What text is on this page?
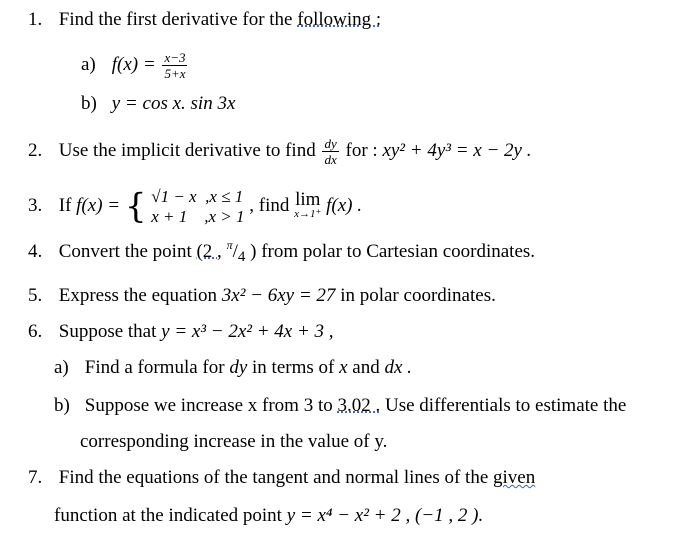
1. Find the first derivative for the following :
a) $f(x) = \frac{x-3}{5+x}$
b) y = cos x. sin 3x
2. Use the implicit derivative to find $\frac{dy}{dx}$ for : xy² + 4y³ = x − 2y .
3. If f(x) = { √1 − x ,x ≤ 1
x + 1 ,x > 1
, find lim
x→1⁺ f(x) .
4. Convert the point (2 , $^\pi/_4$ ) from polar to Cartesian coordinates.
5. Express the equation 3x² − 6xy = 27 in polar coordinates.
6. Suppose that y = x³ − 2x² + 4x + 3 ,
a) Find a formula for dy in terms of x and dx .
b) Suppose we increase x from 3 to 3.02 . Use differentials to estimate the
corresponding increase in the value of y.
7. Find the equations of the tangent and normal lines of the given
function at the indicated point y = x⁴ − x² + 2 , (−1 , 2 ).
